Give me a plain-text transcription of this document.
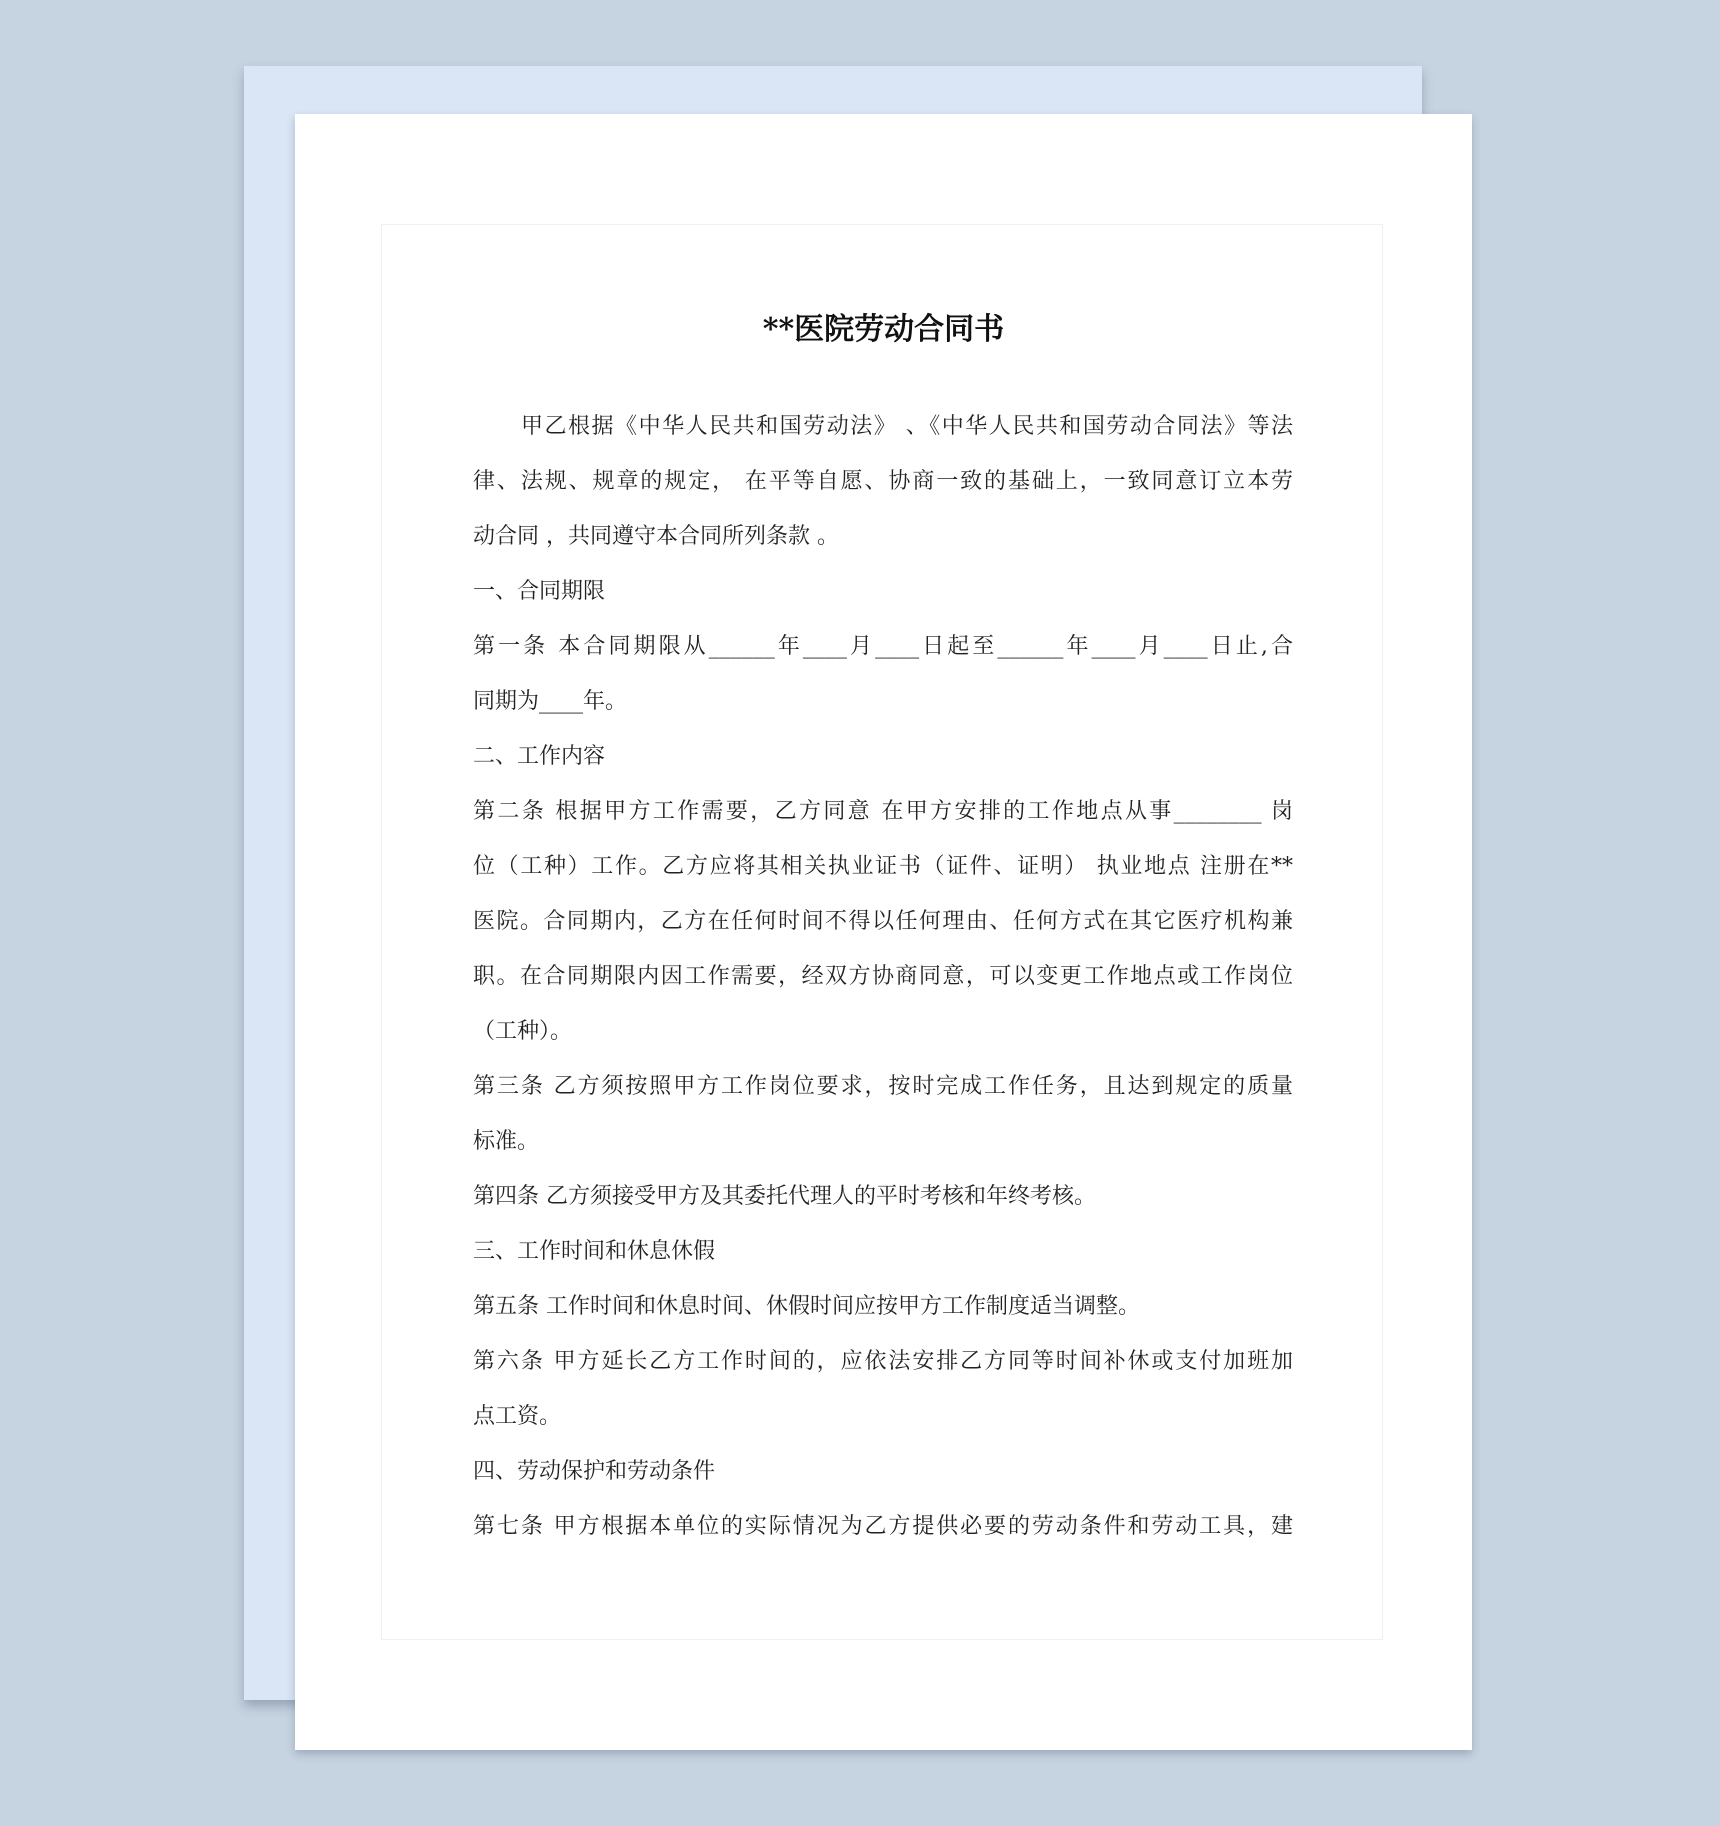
**医院劳动合同书
甲乙根据《中华人民共和国劳动法》 、《中华人民共和国劳动合同法》等法
律、法规、规章的规定， 在平等自愿、协商一致的基础上，一致同意订立本劳
动合同 ，共同遵守本合同所列条款 。
一、合同期限
第一条 本合同期限从______年____月____日起至______年____月____日止,合
同期为____年。
二、工作内容
第二条 根据甲方工作需要，乙方同意 在甲方安排的工作地点从事________ 岗
位（工种）工作。乙方应将其相关执业证书（证件、证明） 执业地点 注册在**
医院。合同期内，乙方在任何时间不得以任何理由、任何方式在其它医疗机构兼
职。在合同期限内因工作需要，经双方协商同意，可以变更工作地点或工作岗位
（工种）。
第三条 乙方须按照甲方工作岗位要求，按时完成工作任务，且达到规定的质量
标准。
第四条 乙方须接受甲方及其委托代理人的平时考核和年终考核。
三、工作时间和休息休假
第五条 工作时间和休息时间、休假时间应按甲方工作制度适当调整。
第六条 甲方延长乙方工作时间的，应依法安排乙方同等时间补休或支付加班加
点工资。
四、劳动保护和劳动条件
第七条 甲方根据本单位的实际情况为乙方提供必要的劳动条件和劳动工具，建
